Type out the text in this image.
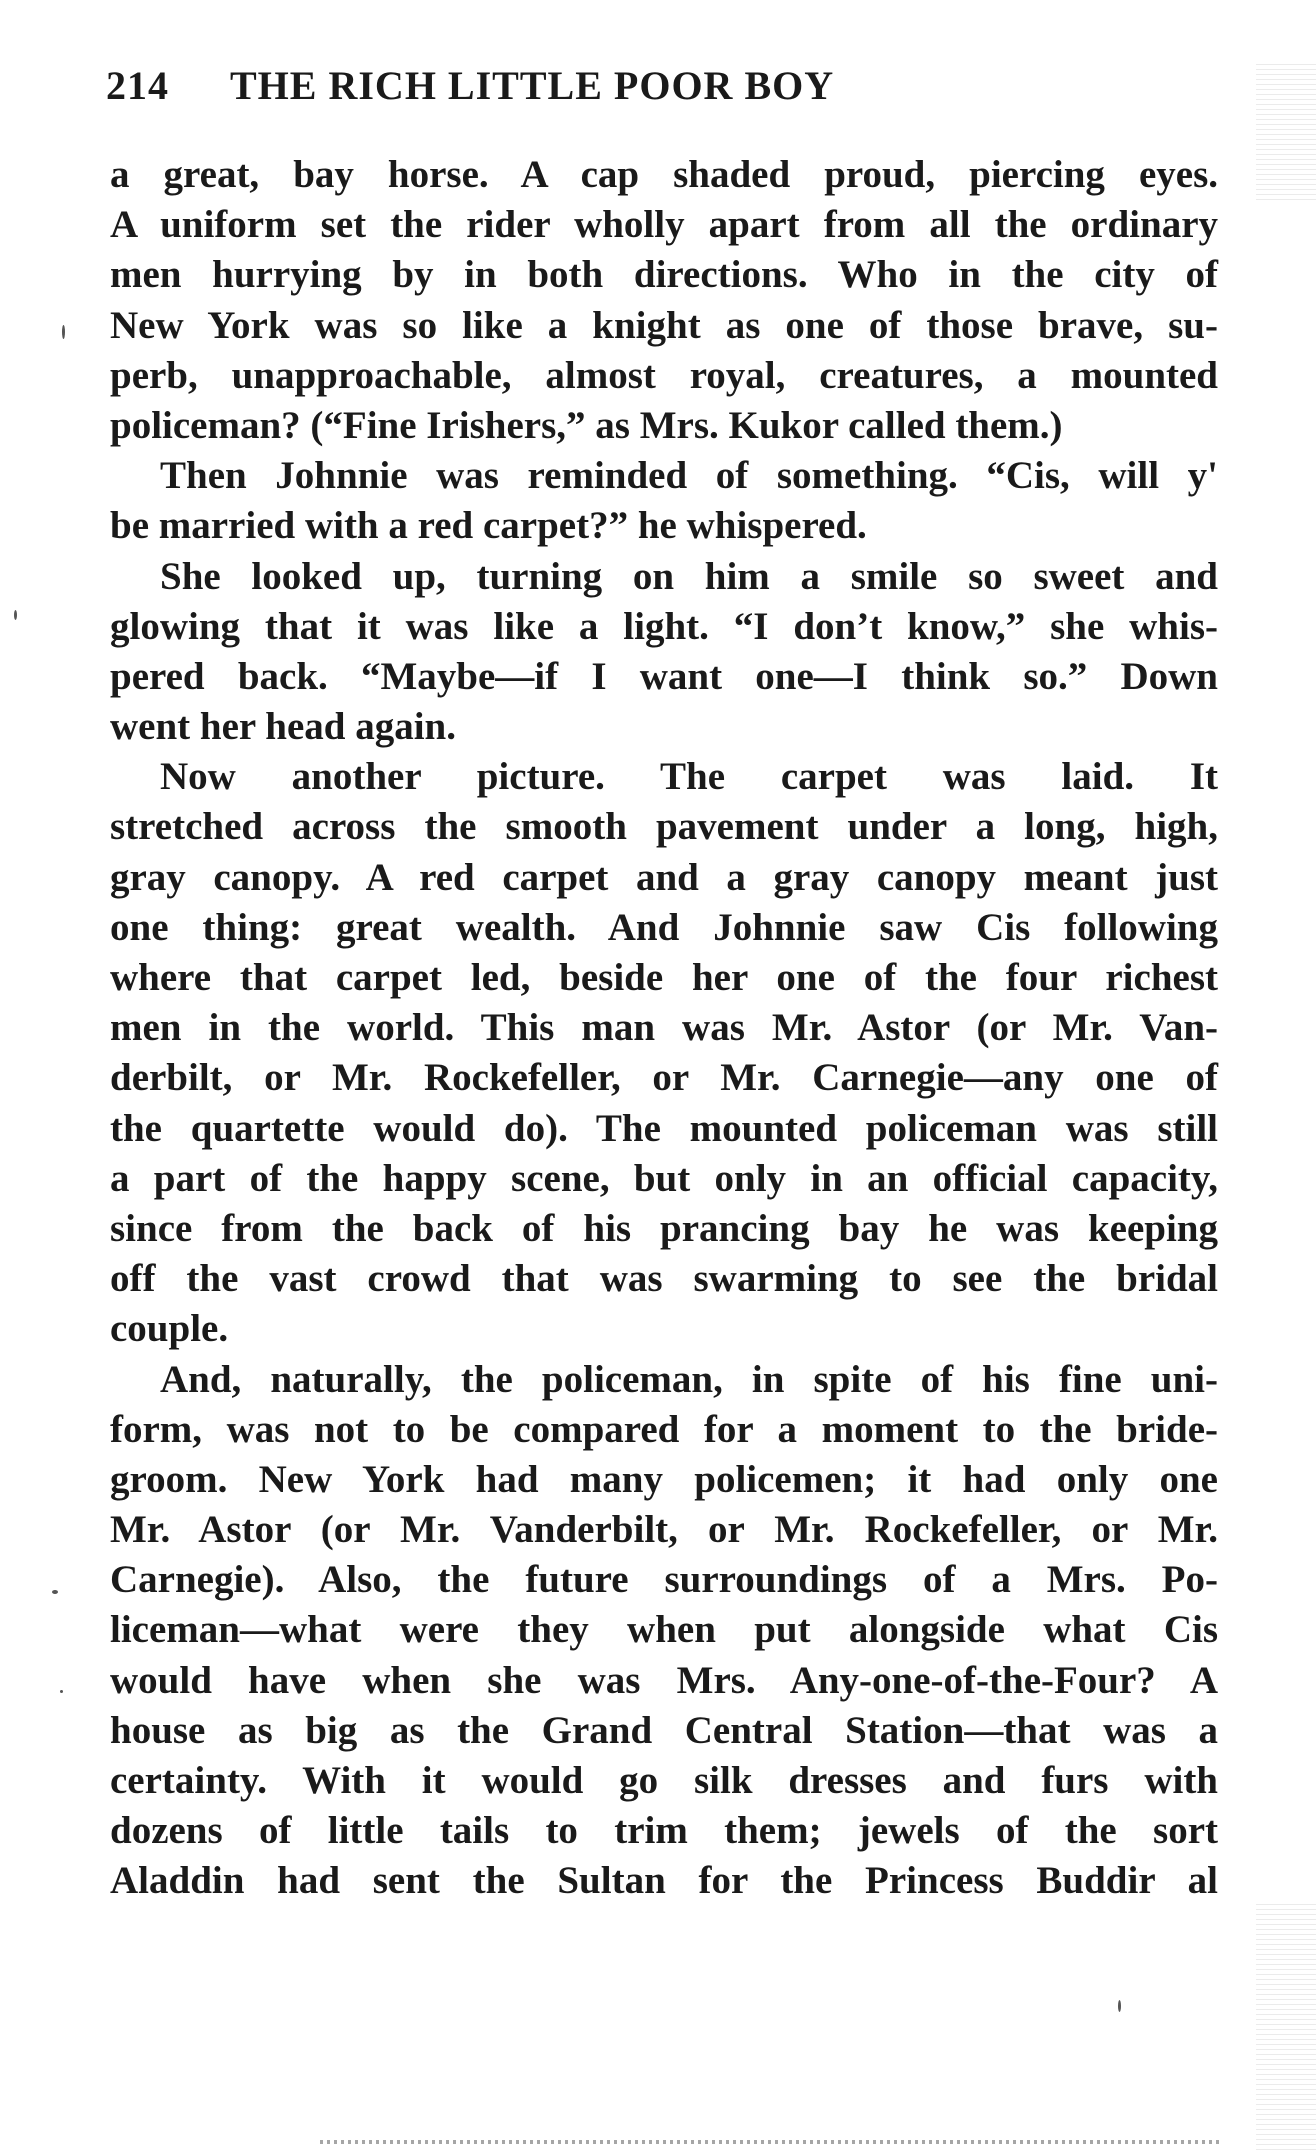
214 THE RICH LITTLE POOR BOY
a great, bay horse. A cap shaded proud, piercing eyes.
A uniform set the rider wholly apart from all the ordinary
men hurrying by in both directions. Who in the city of
New York was so like a knight as one of those brave, su-
perb, unapproachable, almost royal, creatures, a mounted
policeman? (“Fine Irishers,” as Mrs. Kukor called them.)
Then Johnnie was reminded of something. “Cis, will y'
be married with a red carpet?” he whispered.
She looked up, turning on him a smile so sweet and
glowing that it was like a light. “I don’t know,” she whis-
pered back. “Maybe—if I want one—I think so.” Down
went her head again.
Now another picture. The carpet was laid. It
stretched across the smooth pavement under a long, high,
gray canopy. A red carpet and a gray canopy meant just
one thing: great wealth. And Johnnie saw Cis following
where that carpet led, beside her one of the four richest
men in the world. This man was Mr. Astor (or Mr. Van-
derbilt, or Mr. Rockefeller, or Mr. Carnegie—any one of
the quartette would do). The mounted policeman was still
a part of the happy scene, but only in an official capacity,
since from the back of his prancing bay he was keeping
off the vast crowd that was swarming to see the bridal
couple.
And, naturally, the policeman, in spite of his fine uni-
form, was not to be compared for a moment to the bride-
groom. New York had many policemen; it had only one
Mr. Astor (or Mr. Vanderbilt, or Mr. Rockefeller, or Mr.
Carnegie). Also, the future surroundings of a Mrs. Po-
liceman—what were they when put alongside what Cis
would have when she was Mrs. Any-one-of-the-Four? A
house as big as the Grand Central Station—that was a
certainty. With it would go silk dresses and furs with
dozens of little tails to trim them; jewels of the sort
Aladdin had sent the Sultan for the Princess Buddir al
